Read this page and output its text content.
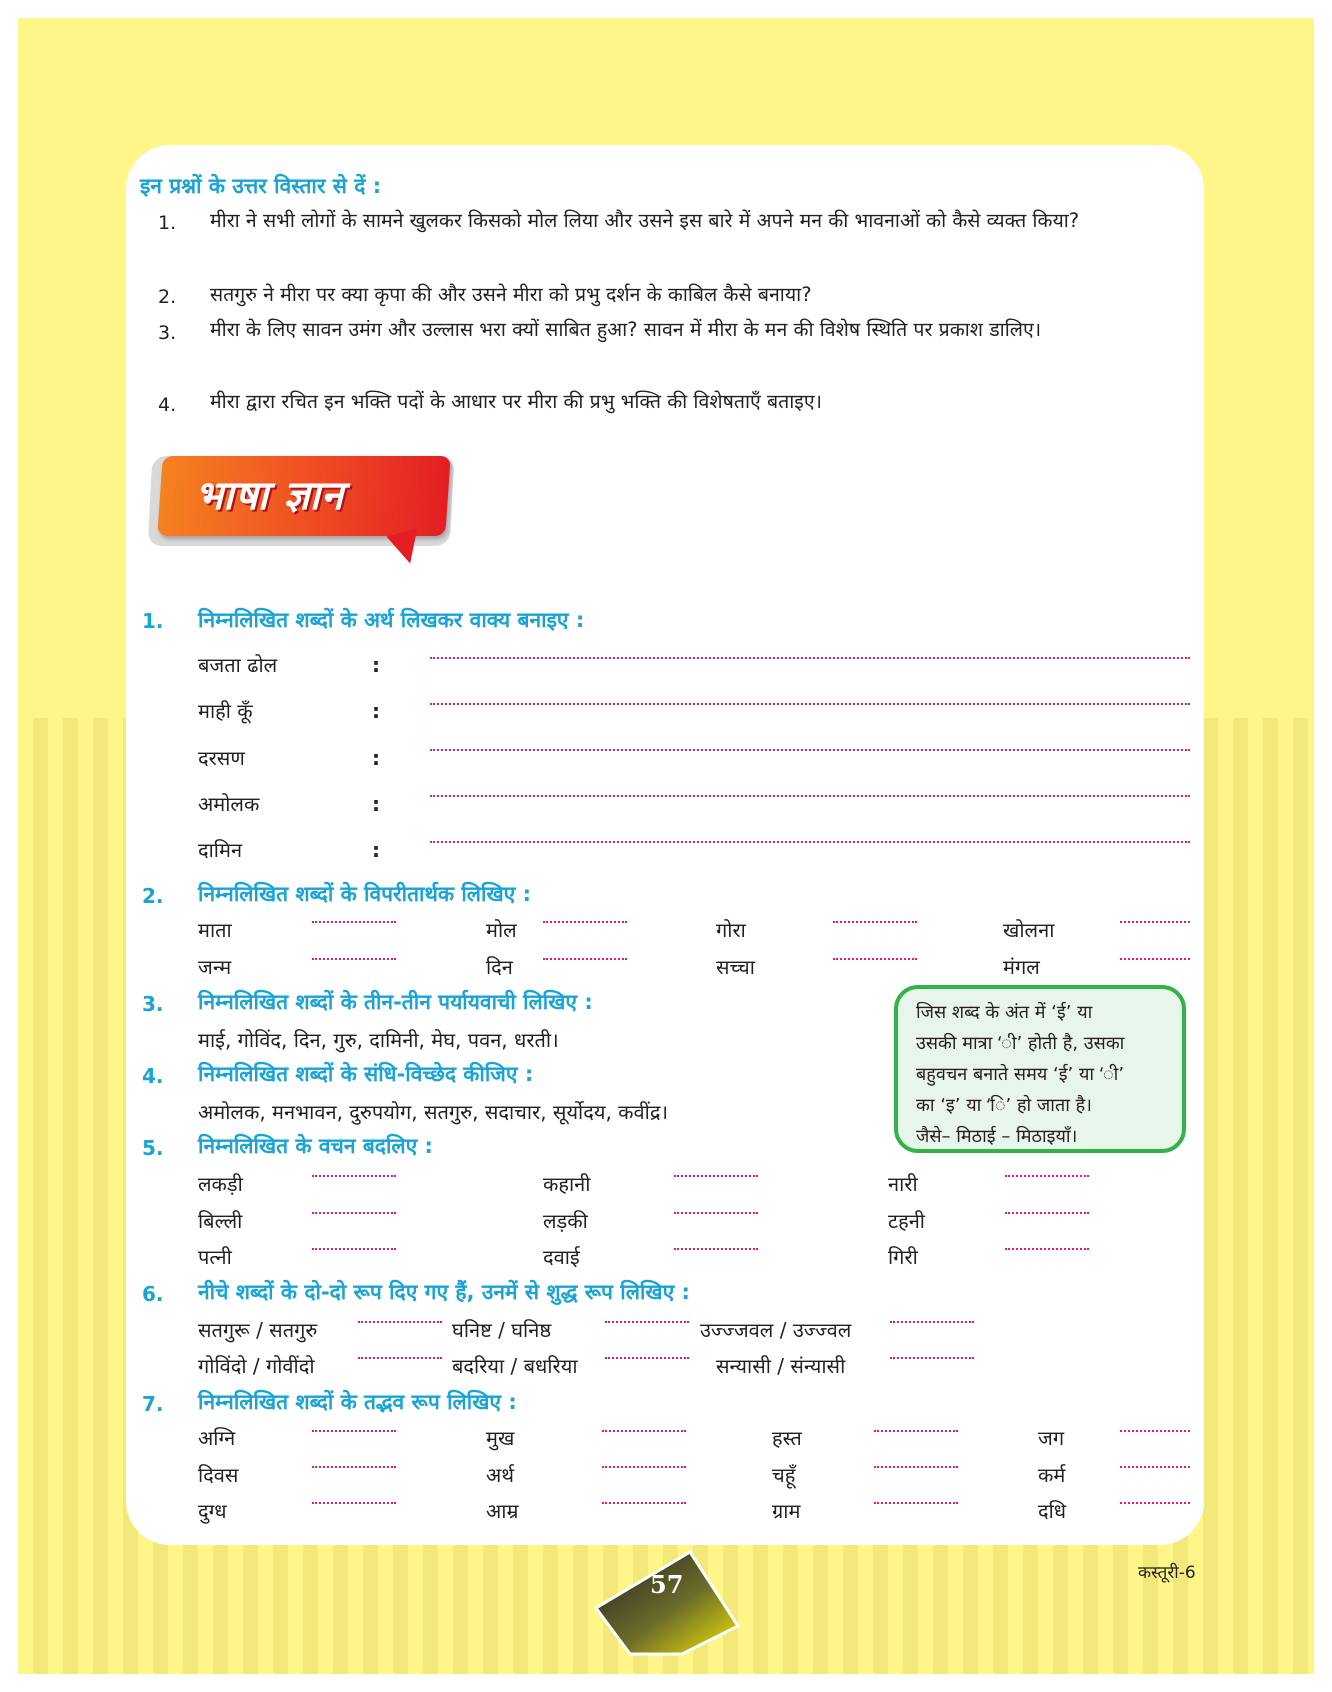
इन प्रश्नों के उत्तर विस्तार से दें :
1. मीरा ने सभी लोगों के सामने खुलकर किसको मोल लिया और उसने इस बारे में अपने मन की भावनाओं को कैसे व्यक्त किया?
2. सतगुरु ने मीरा पर क्या कृपा की और उसने मीरा को प्रभु दर्शन के काबिल कैसे बनाया?
3. मीरा के लिए सावन उमंग और उल्लास भरा क्यों साबित हुआ? सावन में मीरा के मन की विशेष स्थिति पर प्रकाश डालिए।
4. मीरा द्वारा रचित इन भक्ति पदों के आधार पर मीरा की प्रभु भक्ति की विशेषताएँ बताइए।
भाषा ज्ञान
1. निम्नलिखित शब्दों के अर्थ लिखकर वाक्य बनाइए :
बजता ढोल	:
माही कूँ	:
दरसण	:
अमोलक	:
दामिन	:
2. निम्नलिखित शब्दों के विपरीतार्थक लिखिए :
माता	मोल	गोरा	खोलना
जन्म	दिन	सच्चा	मंगल
3. निम्नलिखित शब्दों के तीन-तीन पर्यायवाची लिखिए :
माई, गोविंद, दिन, गुरु, दामिनी, मेघ, पवन, धरती।
4. निम्नलिखित शब्दों के संधि-विच्छेद कीजिए :
अमोलक, मनभावन, दुरुपयोग, सतगुरु, सदाचार, सूर्योदय, कवींद्र।
जिस शब्द के अंत में ‘ई’ या
उसकी मात्रा ‘ी’ होती है, उसका
बहुवचन बनाते समय ‘ई’ या ‘ी’
का ‘इ’ या ‘ि’ हो जाता है।
जैसे– मिठाई – मिठाइयाँ।
5. निम्नलिखित के वचन बदलिए :
लकड़ी	कहानी	नारी
बिल्ली	लड़की	टहनी
पत्नी	दवाई	गिरी
6. नीचे शब्दों के दो-दो रूप दिए गए हैं, उनमें से शुद्ध रूप लिखिए :
सतगुरू / सतगुरु	घनिष्ट / घनिष्ठ	उज्ज्जवल / उज्ज्वल
गोविंदो / गोवींदो	बदरिया / बधरिया	सन्यासी / संन्यासी
7. निम्नलिखित शब्दों के तद्भव रूप लिखिए :
अग्नि	मुख	हस्त	जग
दिवस	अर्थ	चहूँ	कर्म
दुग्ध	आम्र	ग्राम	दधि
57	कस्तूरी-6
